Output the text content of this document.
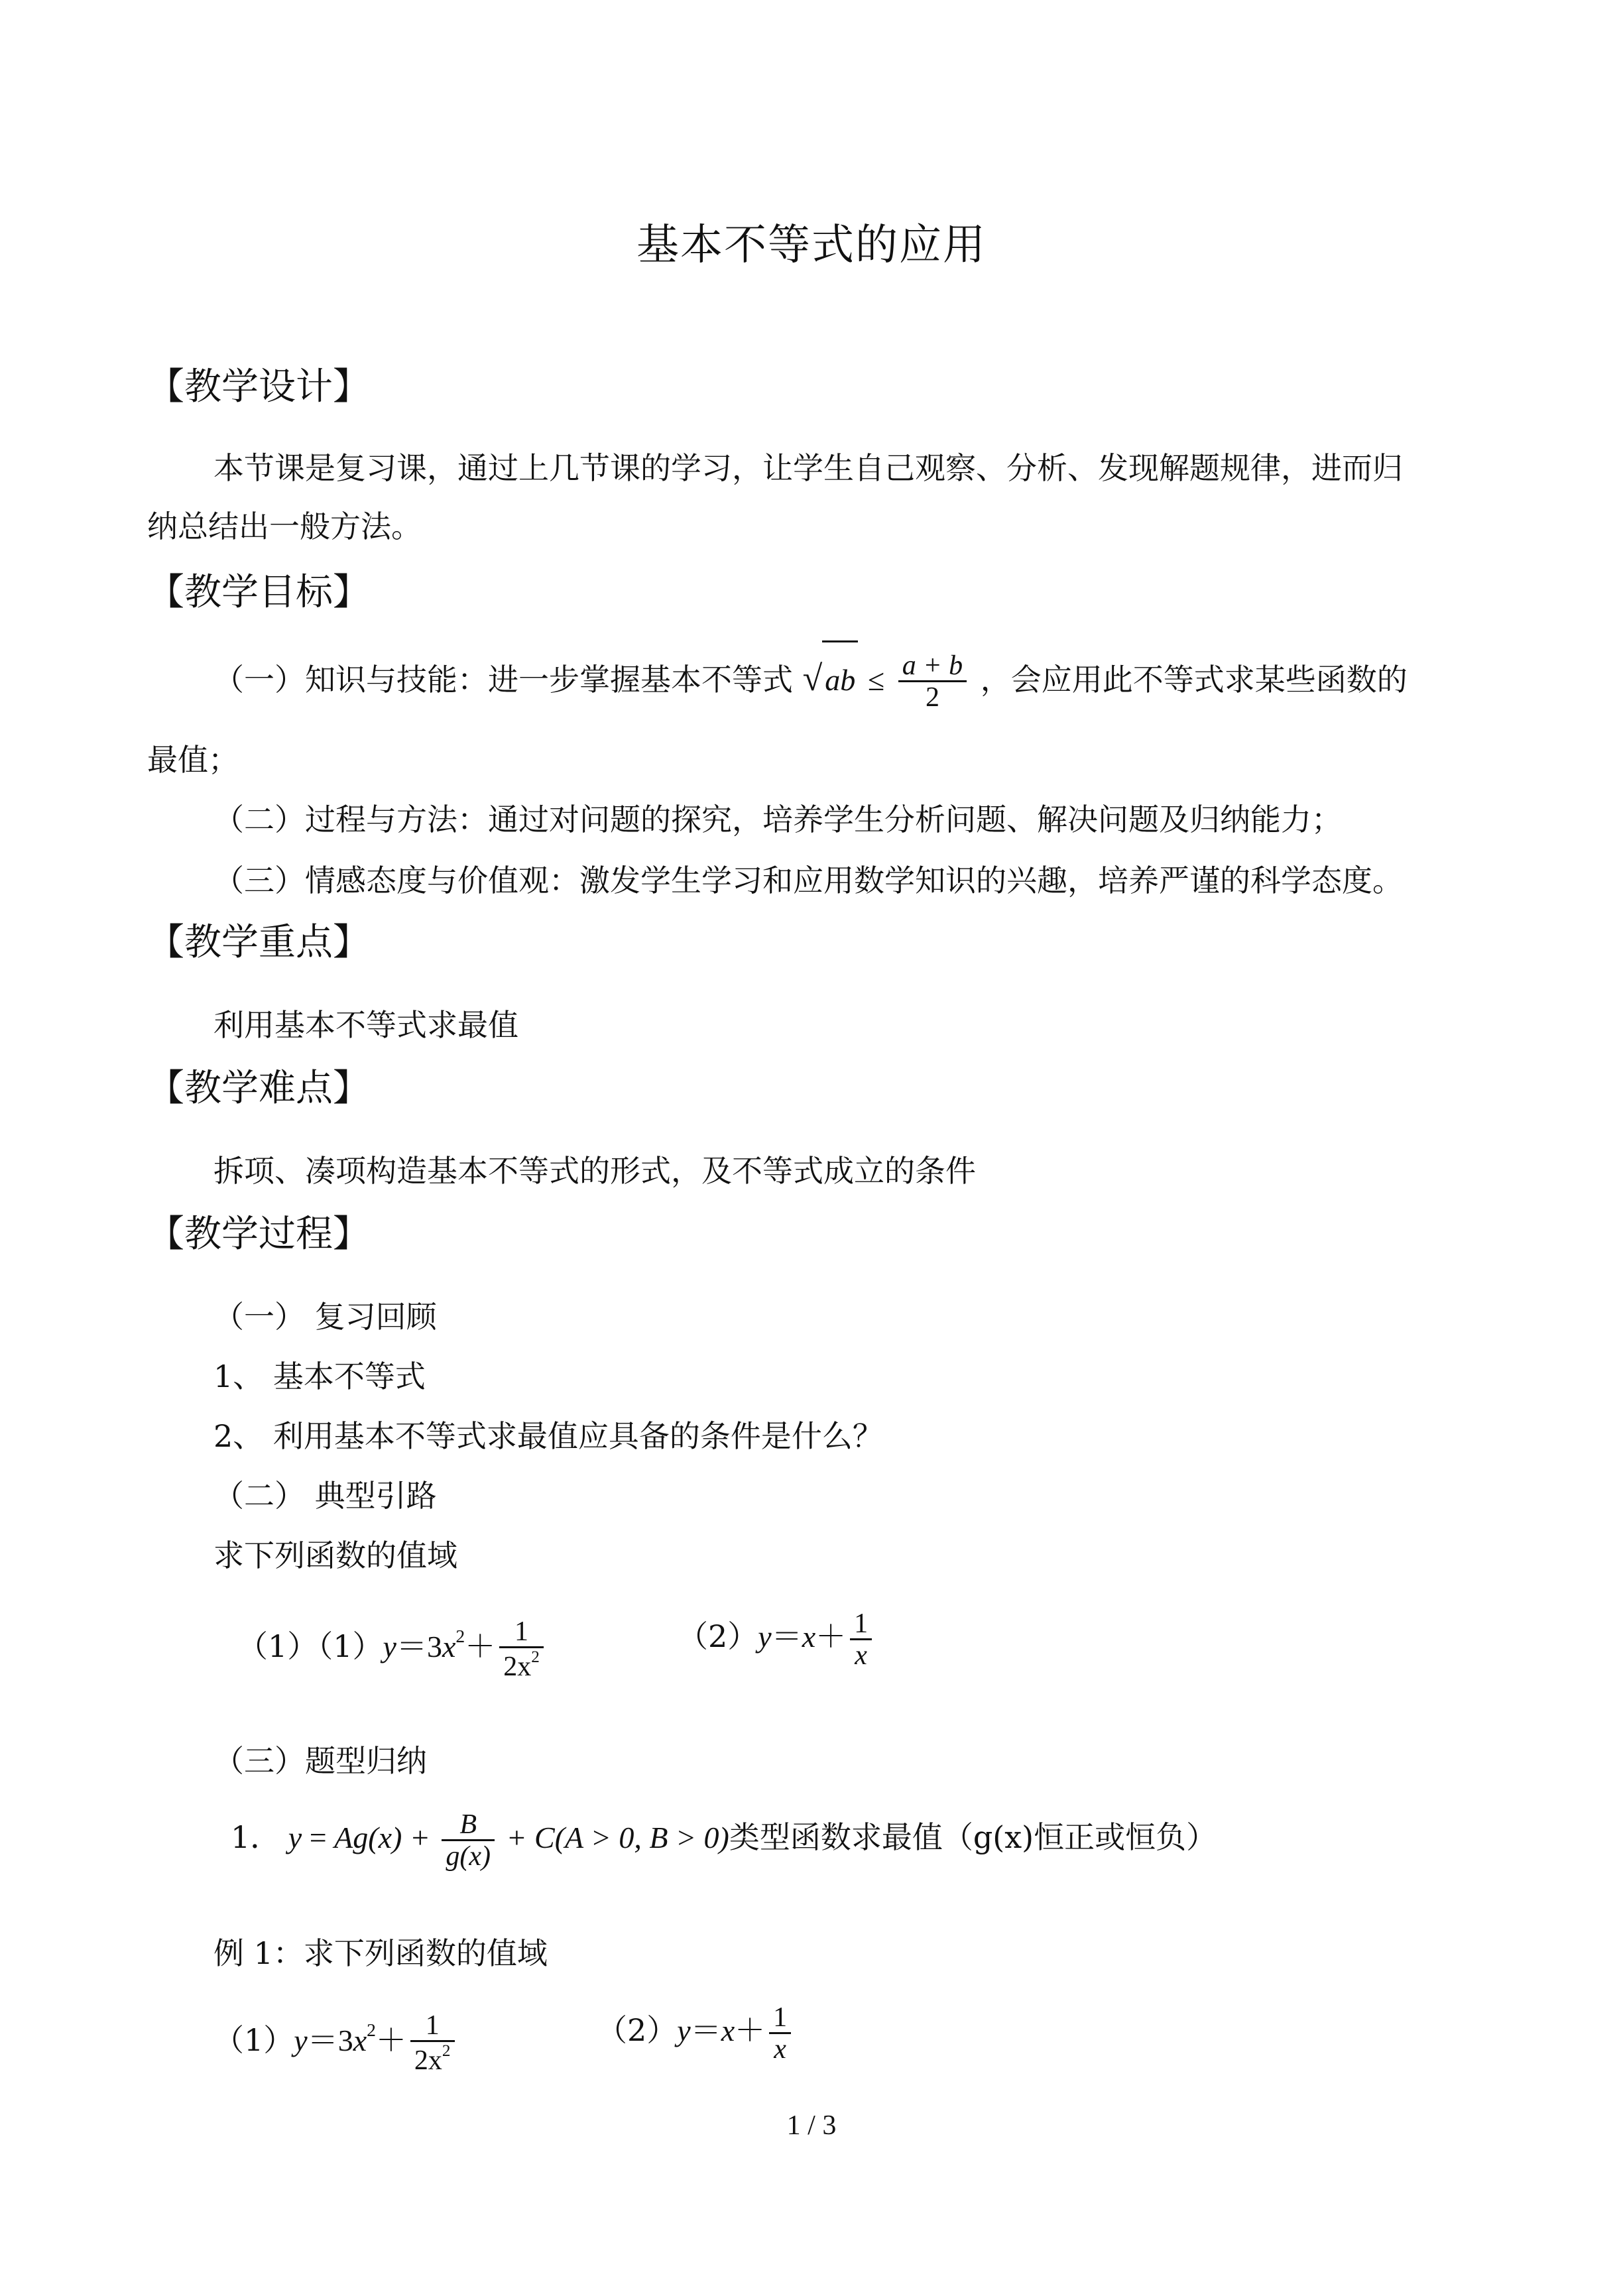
基本不等式的应用
【教学设计】
本节课是复习课，通过上几节课的学习，让学生自己观察、分析、发现解题规律，进而归
纳总结出一般方法。
【教学目标】
（一）知识与技能：进一步掌握基本不等式 $√ab \le \frac{a + b}{2}$ ，会应用此不等式求某些函数的
最值；
（二）过程与方法：通过对问题的探究，培养学生分析问题、解决问题及归纳能力；
（三）情感态度与价值观：激发学生学习和应用数学知识的兴趣，培养严谨的科学态度。
【教学重点】
利用基本不等式求最值
【教学难点】
拆项、凑项构造基本不等式的形式，及不等式成立的条件
【教学过程】
（一） 复习回顾
1、 基本不等式
2、 利用基本不等式求最值应具备的条件是什么？
（二） 典型引路
求下列函数的值域
$(1)(1)y=3x^2+ \frac{1}{2x^2}$	$(2)y=x+ \frac{1}{x}$
（三）题型归纳
1． $y = Ag(x) + \frac{B}{g(x)} + C(A > 0$, B > 0)类型函数求最值（g(x)恒正或恒负）
例 1：求下列函数的值域
$(1)y=3x^2+ \frac{1}{2x^2}$	$(2)y=x+ \frac{1}{x}$
1 / 3
